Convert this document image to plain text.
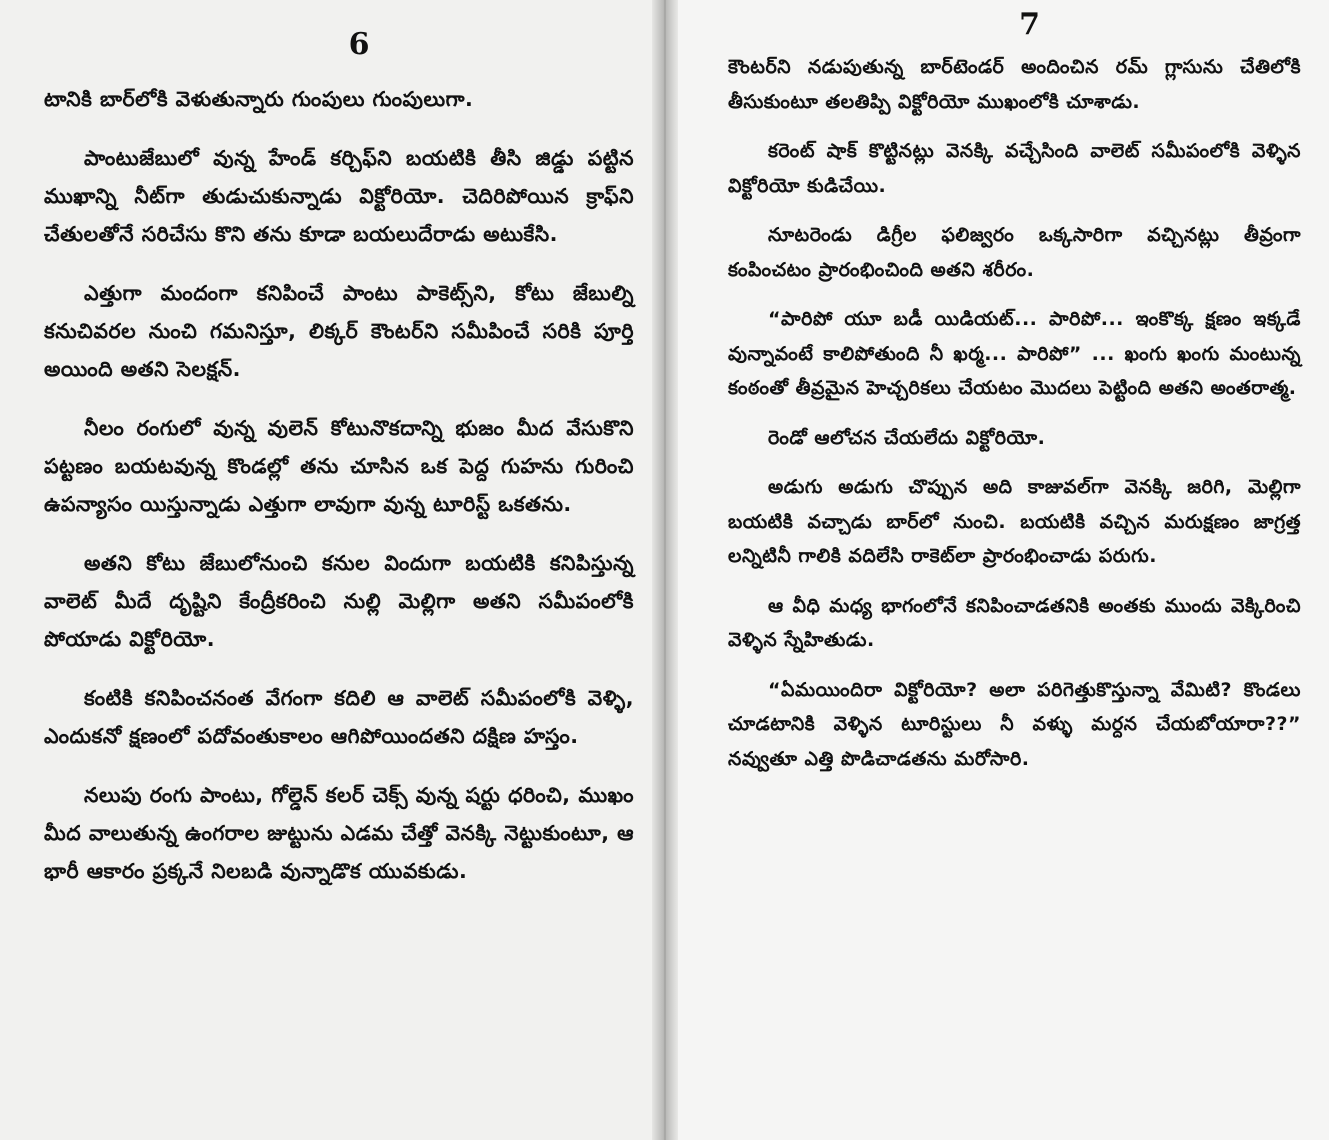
6

టానికి బార్‌లోకి వెళుతున్నారు గుంపులు గుంపులుగా.

పాంటుజేబులో వున్న హేండ్ కర్చిఫ్‌ని బయటికి తీసి జిడ్డు పట్టిన ముఖాన్ని నీట్‌గా తుడుచుకున్నాడు విక్టోరియో. చెదిరిపోయిన క్రాఫ్‌ని చేతులతోనే సరిచేసు కొని తను కూడా బయలుదేరాడు అటుకేసి.

ఎత్తుగా మందంగా కనిపించే పాంటు పాకెట్స్‌ని, కోటు జేబుల్ని కనుచివరల నుంచి గమనిస్తూ, లిక్కర్ కౌంటర్‌ని సమీపించే సరికి పూర్తి అయింది అతని సెలక్షన్.

నీలం రంగులో వున్న వులెన్ కోటునొకదాన్ని భుజం మీద వేసుకొని పట్టణం బయటవున్న కొండల్లో తను చూసిన ఒక పెద్ద గుహను గురించి ఉపన్యాసం యిస్తున్నాడు ఎత్తుగా లావుగా వున్న టూరిస్ట్ ఒకతను.

అతని కోటు జేబులోనుంచి కనుల విందుగా బయటికి కనిపిస్తున్న వాలెట్ మీదే దృష్టిని కేంద్రీకరించి నుల్లి మెల్లిగా అతని సమీపంలోకి పోయాడు విక్టోరియో.

కంటికి కనిపించనంత వేగంగా కదిలి ఆ వాలెట్ సమీపంలోకి వెళ్ళి, ఎందుకనో క్షణంలో పదోవంతుకాలం ఆగిపోయిందతని దక్షిణ హస్తం.

నలుపు రంగు పాంటు, గోల్డెన్ కలర్ చెక్స్ వున్న షర్టు ధరించి, ముఖం మీద వాలుతున్న ఉంగరాల జుట్టును ఎడమ చేత్తో వెనక్కి నెట్టుకుంటూ, ఆ భారీ ఆకారం ప్రక్కనే నిలబడి వున్నాడొక యువకుడు.

7

కౌంటర్‌ని నడుపుతున్న బార్‌టెండర్ అందించిన రమ్ గ్లాసును చేతిలోకి తీసుకుంటూ తలతిప్పి విక్టోరియో ముఖంలోకి చూశాడు.

కరెంట్ షాక్ కొట్టినట్లు వెనక్కి వచ్చేసింది వాలెట్ సమీపంలోకి వెళ్ళిన విక్టోరియో కుడిచేయి.

నూటరెండు డిగ్రీల ఫలిజ్వరం ఒక్కసారిగా వచ్చినట్లు తీవ్రంగా కంపించటం ప్రారంభించింది అతని శరీరం.

“పారిపో యూ బడీ యిడియట్... పారిపో... ఇంకొక్క క్షణం ఇక్కడే వున్నావంటే కాలిపోతుంది నీ ఖర్మ... పారిపో” ... ఖంగు ఖంగు మంటున్న కంఠంతో తీవ్రమైన హెచ్చరికలు చేయటం మొదలు పెట్టింది అతని అంతరాత్మ.

రెండో ఆలోచన చేయలేదు విక్టోరియో.

అడుగు అడుగు చొప్పున అది కాజువల్‌గా వెనక్కి జరిగి, మెల్లిగా బయటికి వచ్చాడు బార్‌లో నుంచి. బయటికి వచ్చిన మరుక్షణం జాగ్రత్త లన్నిటినీ గాలికి వదిలేసి రాకెట్‌లా ప్రారంభించాడు పరుగు.

ఆ వీధి మధ్య భాగంలోనే కనిపించాడతనికి అంతకు ముందు వెక్కిరించి వెళ్ళిన స్నేహితుడు.

“ఏమయిందిరా విక్టోరియో? అలా పరిగెత్తుకొస్తున్నా వేమిటి? కొండలు చూడటానికి వెళ్ళిన టూరిస్టులు నీ వళ్ళు మర్దన చేయబోయారా??” నవ్వుతూ ఎత్తి పొడిచాడతను మరోసారి.
